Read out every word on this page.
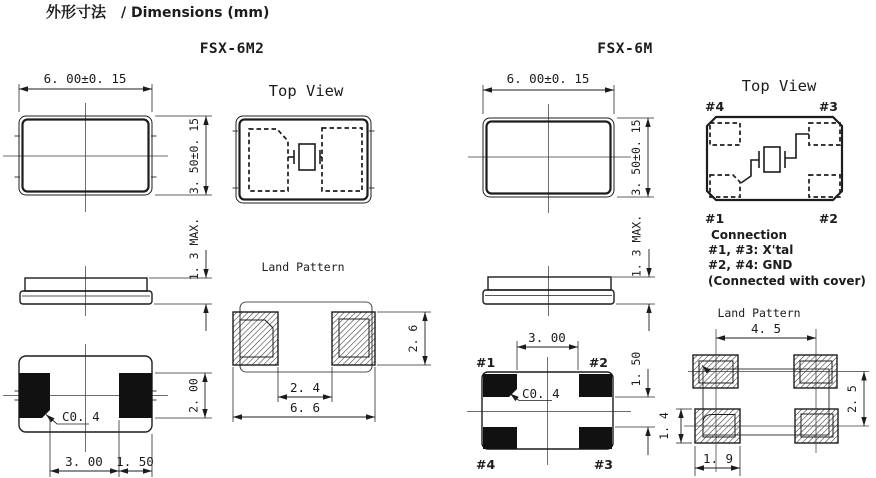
外形寸法 / Dimensions (mm)
FSX-6M2
6. 00±0. 15
3. 50±0. 15
Top View
1. 3 MAX.
C0. 4
2. 00
3. 00 1. 50
Land Pattern
2. 6
2. 4
6. 6
FSX-6M
6. 00±0. 15
3. 50±0. 15
Top View
#4	#3
#1	#2
Connection
#1, #3: X'tal
#2, #4: GND
(Connected with cover)
1. 3 MAX.
3. 00
#1	#2
#4	#3
C0. 4
1. 50
Land Pattern
4. 5
2. 5
1. 4
1. 9
